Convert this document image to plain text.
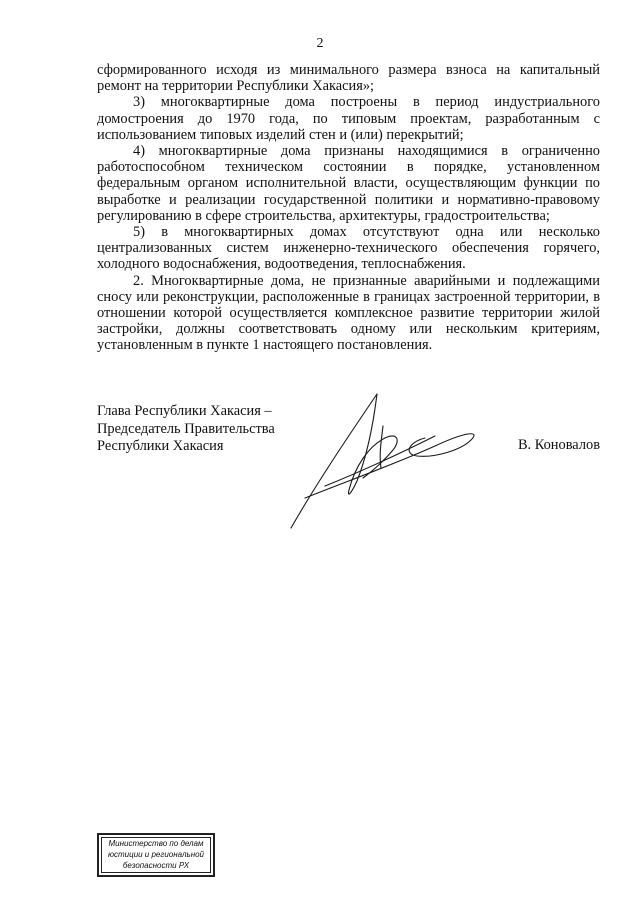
2

сформированного исходя из минимального размера взноса на капитальный ремонт на территории Республики Хакасия»;

3) многоквартирные дома построены в период индустриального домостроения до 1970 года, по типовым проектам, разработанным с использованием типовых изделий стен и (или) перекрытий;

4) многоквартирные дома признаны находящимися в ограниченно работоспособном техническом состоянии в порядке, установленном федеральным органом исполнительной власти, осуществляющим функции по выработке и реализации государственной политики и нормативно-правовому регулированию в сфере строительства, архитектуры, градостроительства;

5) в многоквартирных домах отсутствуют одна или несколько централизованных систем инженерно-технического обеспечения горячего, холодного водоснабжения, водоотведения, теплоснабжения.

2. Многоквартирные дома, не признанные аварийными и подлежащими сносу или реконструкции, расположенные в границах застроенной территории, в отношении которой осуществляется комплексное развитие территории жилой застройки, должны соответствовать одному или нескольким критериям, установленным в пункте 1 настоящего постановления.

Глава Республики Хакасия –
Председатель Правительства
Республики Хакасия	В. Коновалов
Министерство по делам
юстиции и региональной
безопасности РХ
